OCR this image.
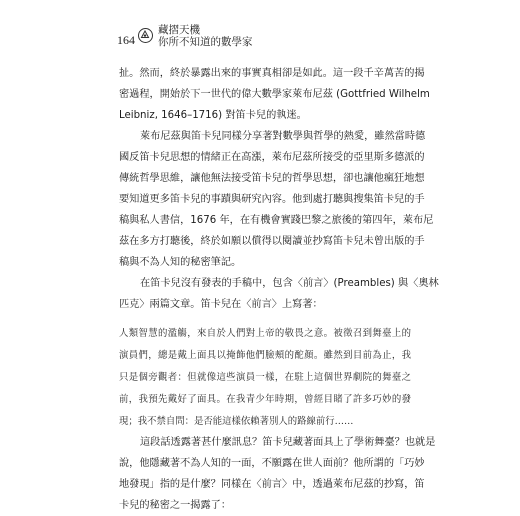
164
藏摺天機
你所不知道的數學家
扯。然而，終於暴露出來的事實真相卻是如此。這一段千辛萬苦的揭
密過程，開始於下一世代的偉大數學家萊布尼茲 (Gottfried Wilhelm
Leibniz, 1646–1716) 對笛卡兒的執迷。
萊布尼茲與笛卡兒同樣分享著對數學與哲學的熱愛，雖然當時德
國反笛卡兒思想的情緒正在高漲，萊布尼茲所接受的亞里斯多德派的
傳統哲學思維，讓他無法接受笛卡兒的哲學思想，卻也讓他瘋狂地想
要知道更多笛卡兒的事蹟與研究內容。他到處打聽與搜集笛卡兒的手
稿與私人書信，1676 年，在有機會實踐巴黎之旅後的第四年，萊布尼
茲在多方打聽後，終於如願以償得以閱讀並抄寫笛卡兒未曾出版的手
稿與不為人知的秘密筆記。
在笛卡兒沒有發表的手稿中，包含〈前言〉(Preambles) 與〈奧林
匹克〉兩篇文章。笛卡兒在〈前言〉上寫著：
人類智慧的濫觴，來自於人們對上帝的敬畏之意。被徵召到舞臺上的
演員們，總是戴上面具以掩飾他們臉頰的酡顏。雖然到目前為止，我
只是個旁觀者：但就像這些演員一樣，在駐上這個世界劇院的舞臺之
前，我預先戴好了面具。在我青少年時期，曾經目睹了許多巧妙的發
現；我不禁自問：是否能這樣依賴著別人的路線前行……
這段話透露著甚什麼訊息？笛卡兒藏著面具上了學術舞臺？也就是
說，他隱藏著不為人知的一面，不願露在世人面前？他所謂的「巧妙
地發現」指的是什麼？同樣在〈前言〉中，透過萊布尼茲的抄寫，笛
卡兒的秘密之一揭露了：
